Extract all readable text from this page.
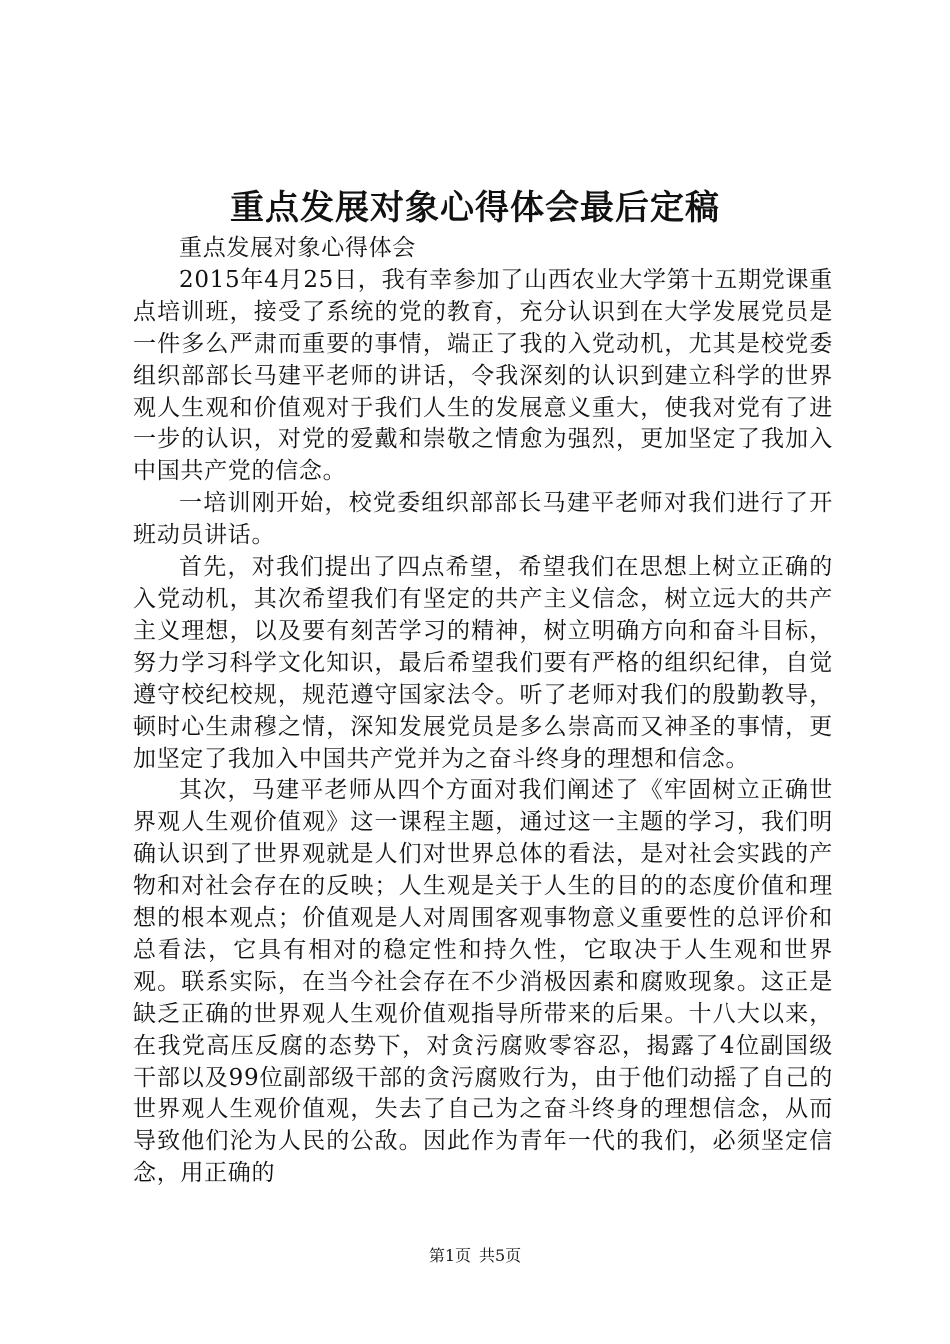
重点发展对象心得体会最后定稿

重点发展对象心得体会

2015年4月25日，我有幸参加了山西农业大学第十五期党课重点培训班，接受了系统的党的教育，充分认识到在大学发展党员是一件多么严肃而重要的事情，端正了我的入党动机，尤其是校党委组织部部长马建平老师的讲话，令我深刻的认识到建立科学的世界观人生观和价值观对于我们人生的发展意义重大，使我对党有了进一步的认识，对党的爱戴和崇敬之情愈为强烈，更加坚定了我加入中国共产党的信念。

一培训刚开始，校党委组织部部长马建平老师对我们进行了开班动员讲话。

首先，对我们提出了四点希望，希望我们在思想上树立正确的入党动机，其次希望我们有坚定的共产主义信念，树立远大的共产主义理想，以及要有刻苦学习的精神，树立明确方向和奋斗目标，努力学习科学文化知识，最后希望我们要有严格的组织纪律，自觉遵守校纪校规，规范遵守国家法令。听了老师对我们的殷勤教导，顿时心生肃穆之情，深知发展党员是多么崇高而又神圣的事情，更加坚定了我加入中国共产党并为之奋斗终身的理想和信念。

其次，马建平老师从四个方面对我们阐述了《牢固树立正确世界观人生观价值观》这一课程主题，通过这一主题的学习，我们明确认识到了世界观就是人们对世界总体的看法，是对社会实践的产物和对社会存在的反映；人生观是关于人生的目的的态度价值和理想的根本观点；价值观是人对周围客观事物意义重要性的总评价和总看法，它具有相对的稳定性和持久性，它取决于人生观和世界观。联系实际，在当今社会存在不少消极因素和腐败现象。这正是缺乏正确的世界观人生观价值观指导所带来的后果。十八大以来，在我党高压反腐的态势下，对贪污腐败零容忍，揭露了4位副国级干部以及99位副部级干部的贪污腐败行为，由于他们动摇了自己的世界观人生观价值观，失去了自己为之奋斗终身的理想信念，从而导致他们沦为人民的公敌。因此作为青年一代的我们，必须坚定信念，用正确的

第1页 共5页
